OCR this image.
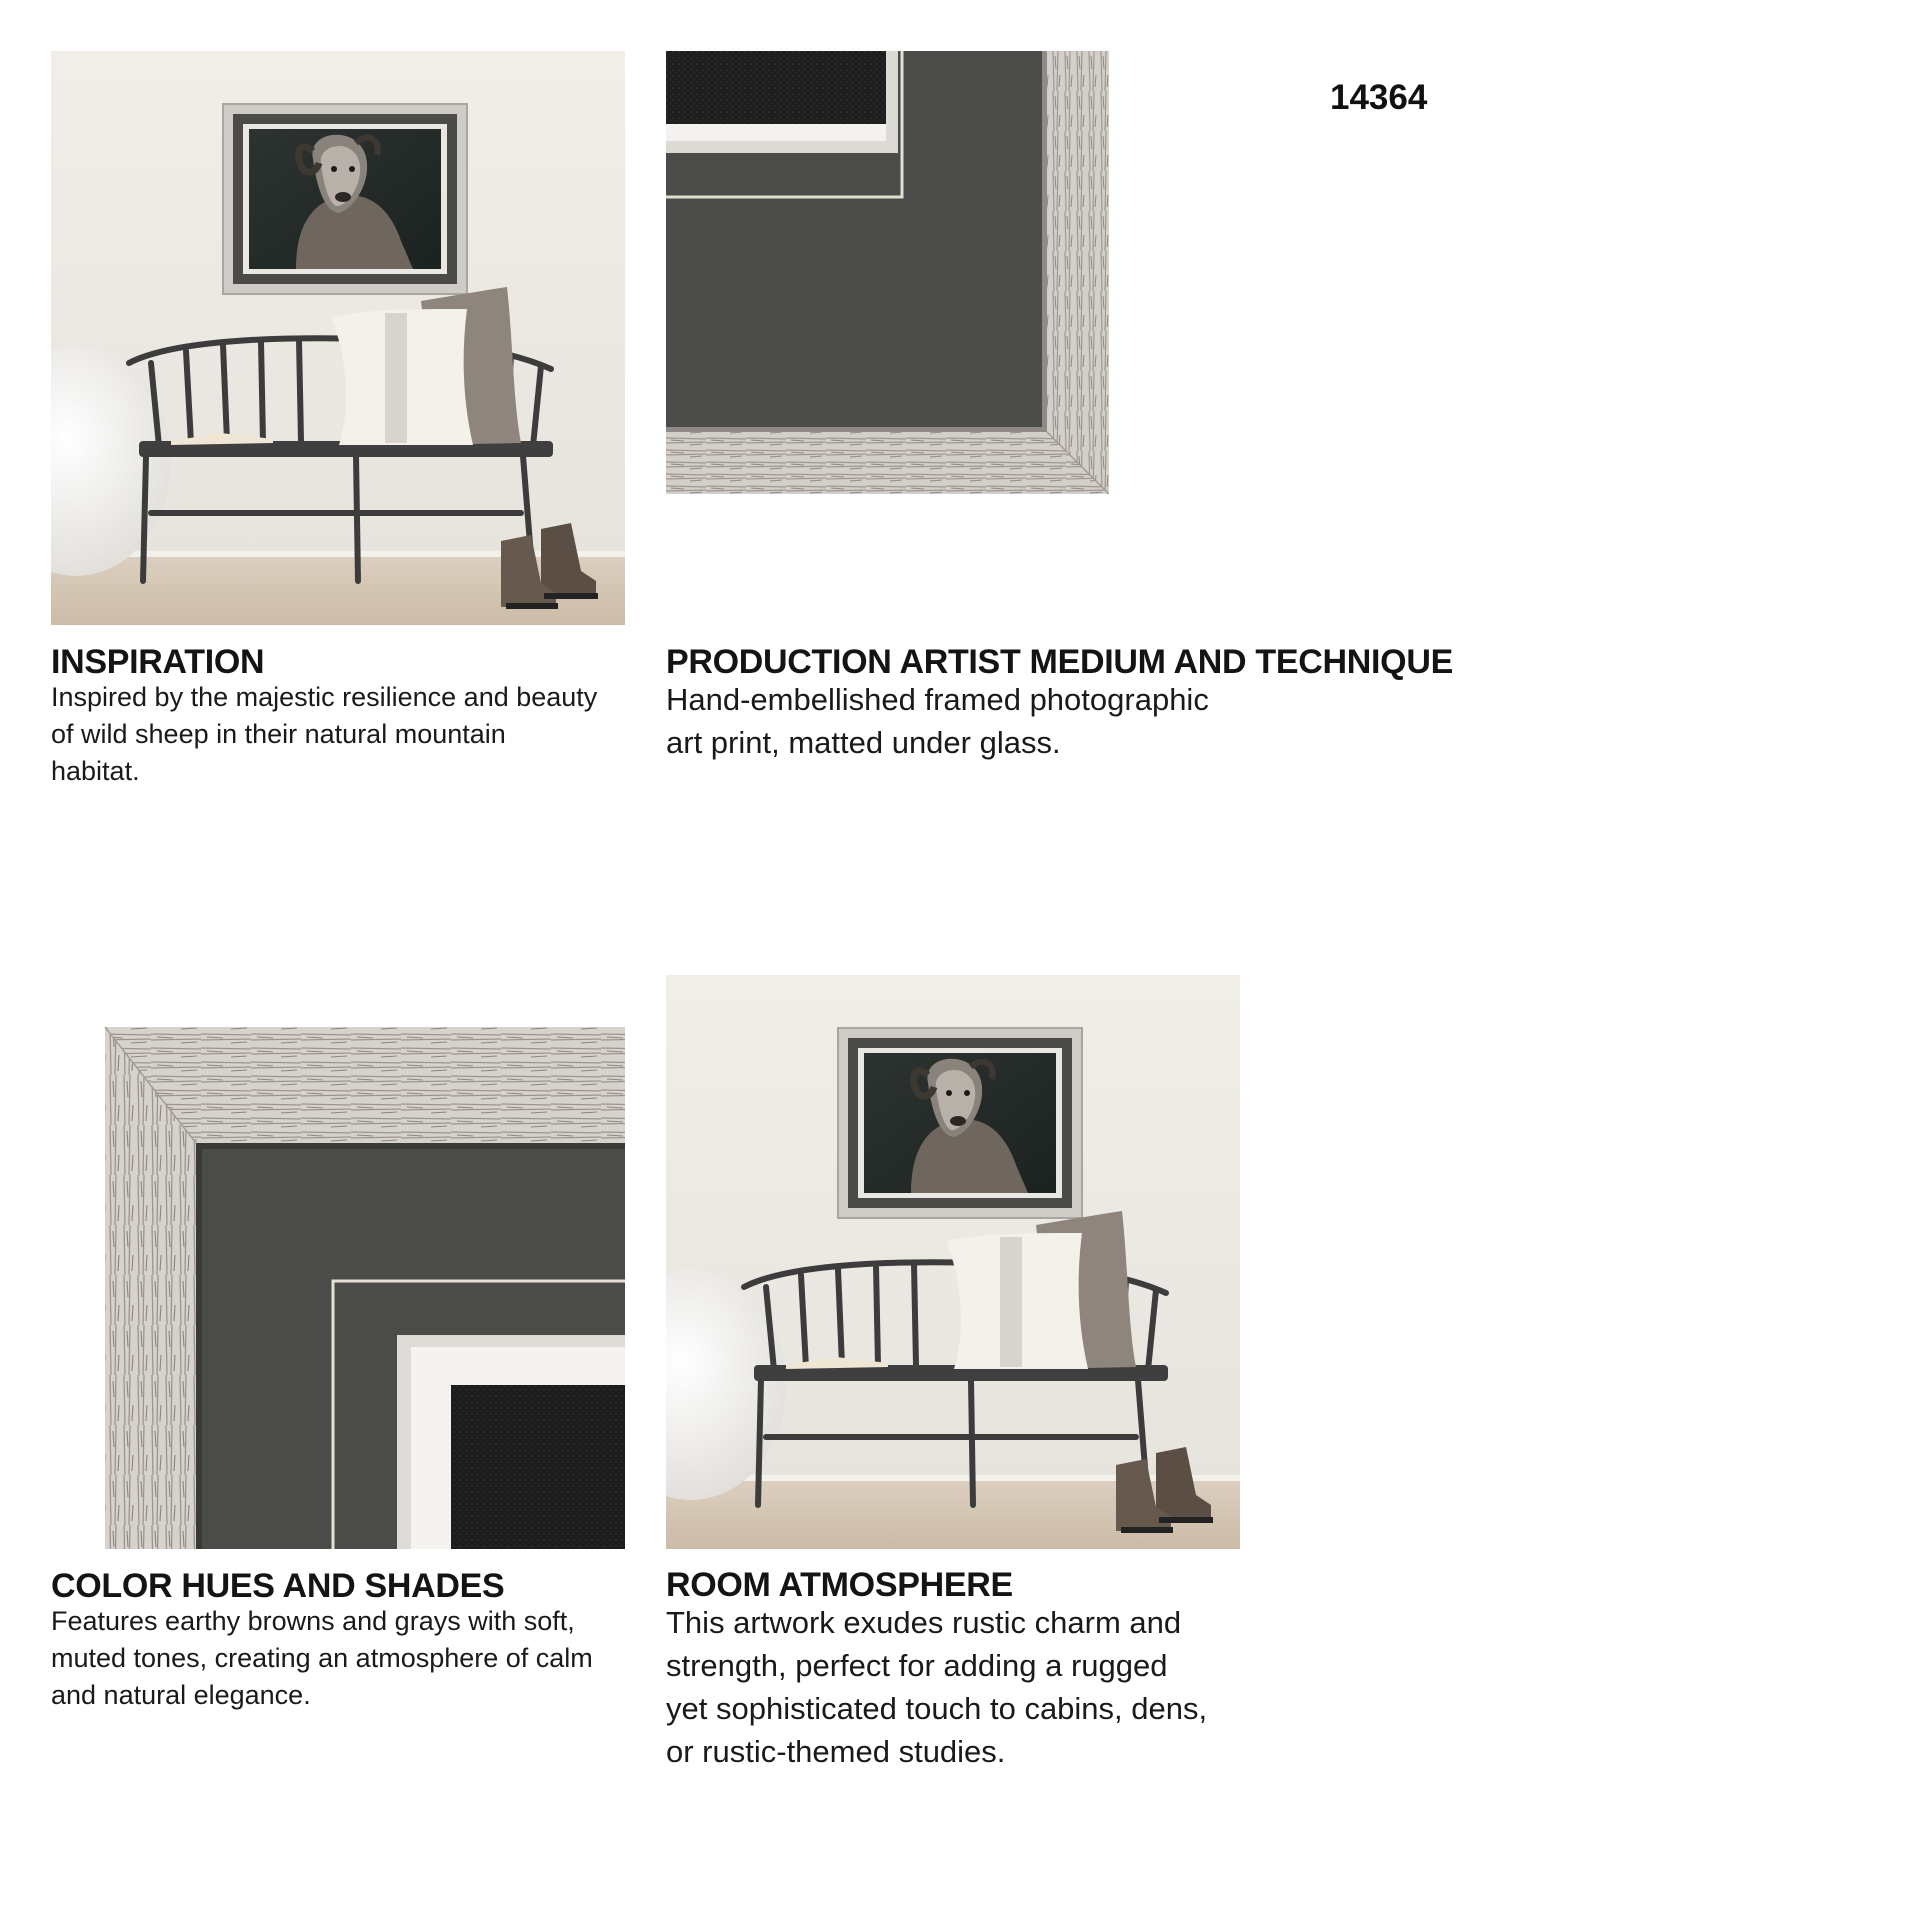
14364
INSPIRATION
Inspired by the majestic resilience and beauty
of wild sheep in their natural mountain
habitat.
PRODUCTION ARTIST MEDIUM AND TECHNIQUE
Hand-embellished framed photographic
art print, matted under glass.
COLOR HUES AND SHADES
Features earthy browns and grays with soft,
muted tones, creating an atmosphere of calm
and natural elegance.
ROOM ATMOSPHERE
This artwork exudes rustic charm and
strength, perfect for adding a rugged
yet sophisticated touch to cabins, dens,
or rustic-themed studies.
